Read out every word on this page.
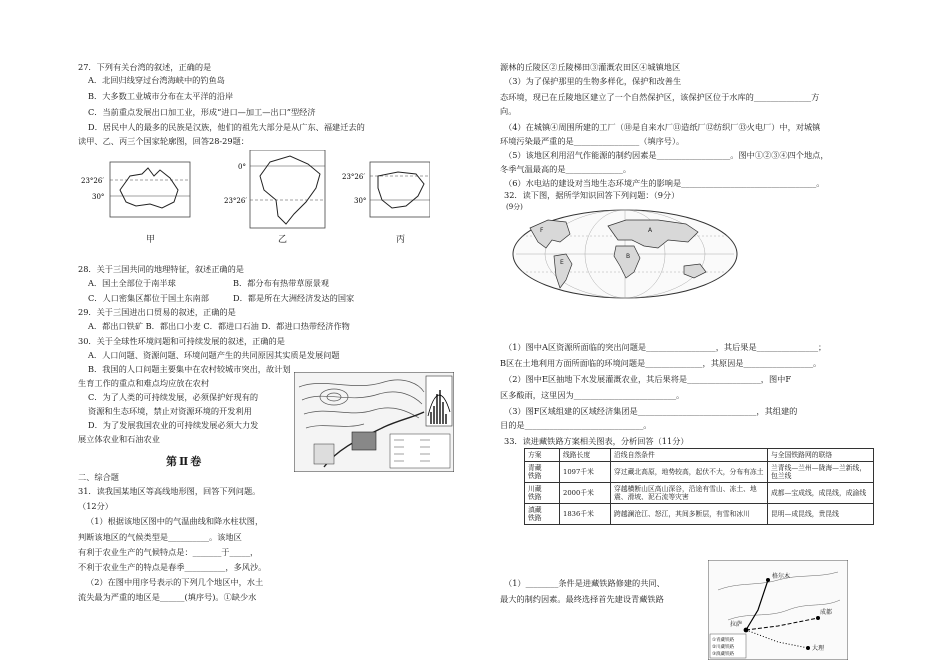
27．下列有关台湾的叙述，正确的是
A．北回归线穿过台湾海峡中的钓鱼岛
B．大多数工业城市分布在太平洋的沿岸
C．当前重点发展出口加工业，形成“进口—加工—出口”型经济
D．居民中人的最多的民族是汉族，他们的祖先大部分是从广东、福建迁去的
读甲、乙、丙三个国家轮廓图，回答28-29题：
23°26′
30°
0°
23°26′
23°26′
30°
甲	乙	丙
28．关于三国共同的地理特征，叙述正确的是
A．国土全部位于南半球	B．都分布有热带草原景观
C．人口密集区都位于国土东南部	D．都是所在大洲经济发达的国家
29．关于三国进出口贸易的叙述，正确的是
A．都出口铁矿 B．都出口小麦 C．都进口石油 D．都进口热带经济作物
30．关于全球性环境问题和可持续发展的叙述，正确的是
A．人口问题、资源问题、环境问题产生的共同原因其实质是发展问题
B．我国的人口问题主要集中在农村较城市突出，故计划
生育工作的重点和难点均应放在农村
C．为了人类的可持续发展，必须保护好现有的
资源和生态环境，禁止对资源环境的开发利用
D．为了发展我国农业的可持续发展必须大力发
展立体农业和石油农业
第Ⅱ卷
二、综合题
31．读我国某地区等高线地形图，回答下列问题。
（12分）
（1）根据该地区图中的气温曲线和降水柱状图，
判断该地区的气候类型是__________。该地区
有利于农业生产的气候特点是：_______于_____，
不利于农业生产的特点是春季__________，多风沙。
（2）在图中用序号表示的下列几个地区中，水土
流失最为严重的地区是______(填序号)。①缺少水
源林的丘陵区②丘陵梯田③灌溉农田区④城镇地区
（3）为了保护那里的生物多样化，保护和改善生
态环境，现已在丘陵地区建立了一个自然保护区，该保护区位于水库的______________方
向。
（4）在城镇④周围所建的工厂（⑩是自来水厂⑪造纸厂⑫纺织厂⑬火电厂）中，对城镇
环境污染最严重的是________________（填序号）。
（5）该地区利用沼气作能源的制约因素是__________________。图中①②③④四个地点，
冬季气温最高的是______________。
（6）水电站的建设对当地生态环境产生的影响是_________________________________。
32．读下图，据所学知识回答下列问题：（9分）
(9分)
F
E
A
B
（1）图中A区资源所面临的突出问题是_________________，其后果是_______________；
B区在土地利用方面所面临的环境问题是______________，其原因是_________________。
（2）图中E区抽地下水发展灌溉农业，其后果将是__________________，图中F
区多酸雨，这里因为_________________________。
（3）图F区域组建的区域经济集团是_____________________________，其组建的
目的是_____________________________。
33．读进藏铁路方案相关图表，分析回答（11分）
方案	线路长度	沿线自然条件	与全国铁路网的联络
青藏
铁路	1097千米	穿过藏北高原，地势较高，起伏不大，分布有冻土	兰青线—兰州—陇海—兰新线，包兰线
川藏
铁路	2000千米	穿越横断山区高山深谷，沿途有雪山、冻土、地震、滑坡、泥石流等灾害	成都—宝成线，成昆线，成渝线
滇藏
铁路	1836千米	跨越澜沧江、怒江，其间多断层，有雪和冰川	昆明—成昆线，贵昆线
（1）________条件是进藏铁路修建的共同、
最大的制约因素。最终选择首先建设青藏铁路
格尔木
拉萨
成都
大理
①青藏铁路
②川藏铁路
③滇藏铁路
